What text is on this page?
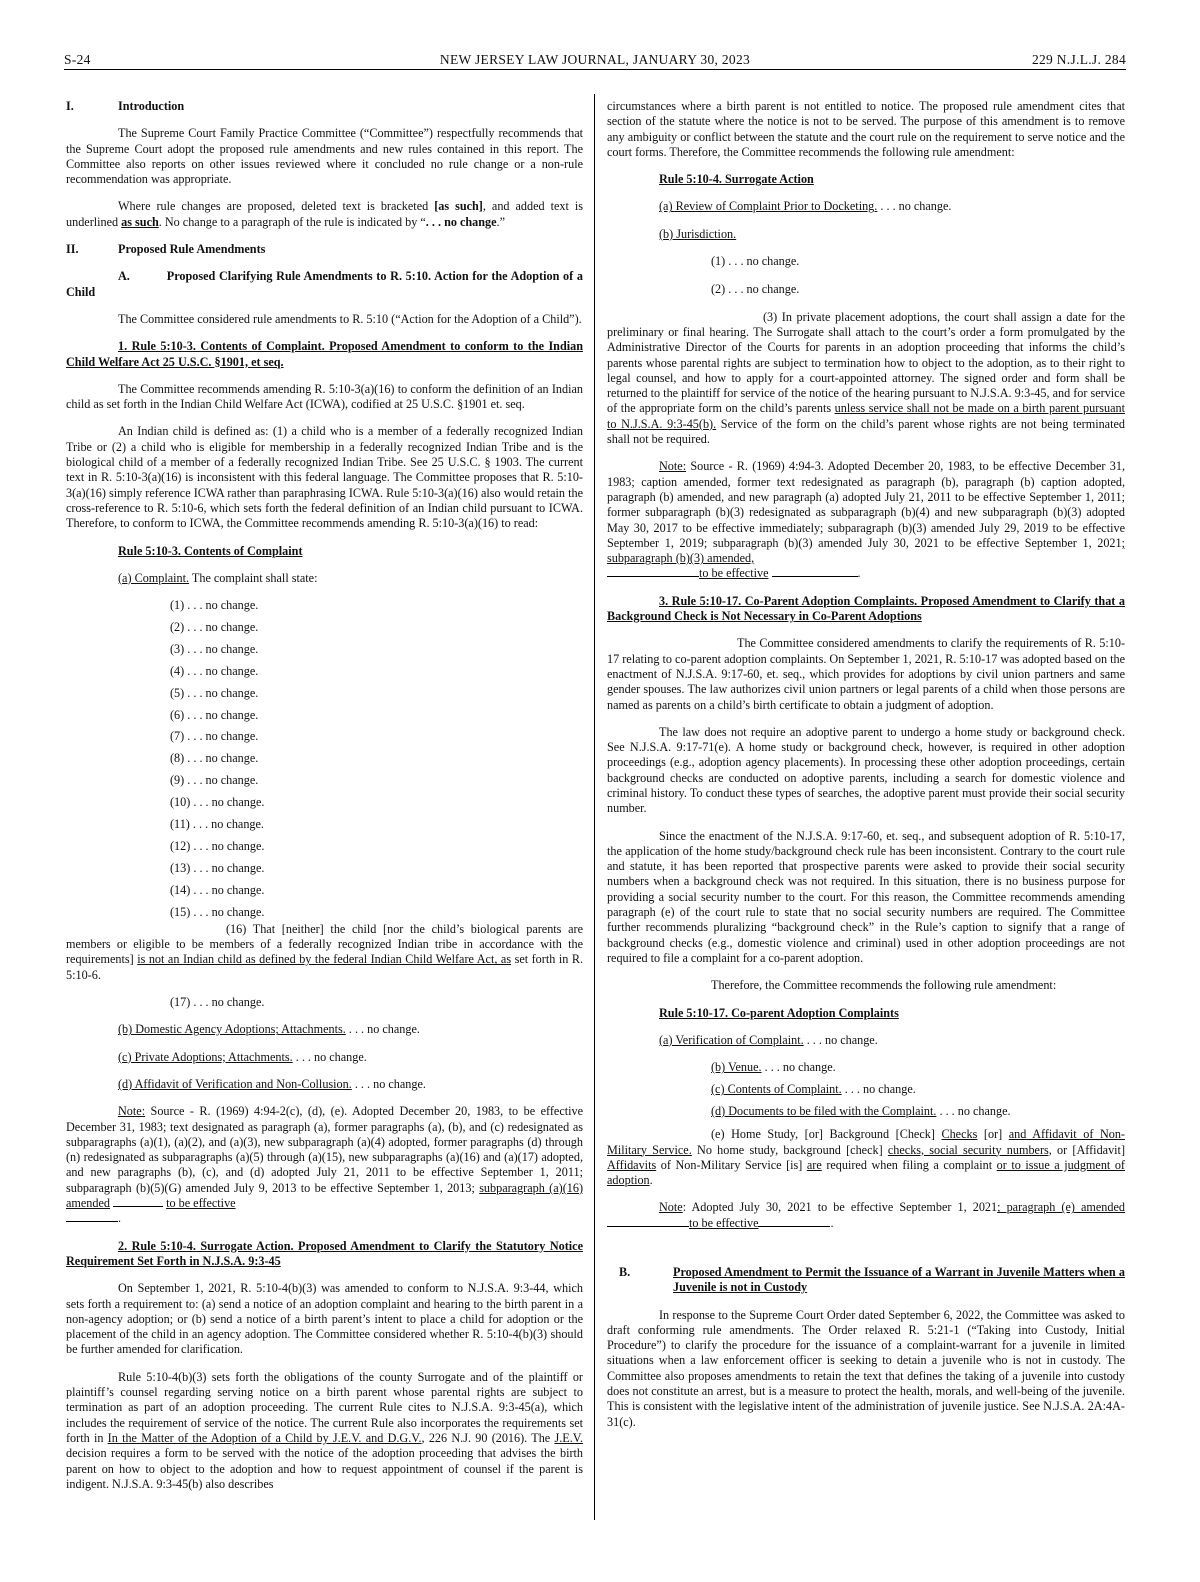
S-24	NEW JERSEY LAW JOURNAL, JANUARY 30, 2023	229 N.J.L.J. 284
I.	Introduction

The Supreme Court Family Practice Committee (“Committee”) respectfully recommends that the Supreme Court adopt the proposed rule amendments and new rules contained in this report. The Committee also reports on other issues reviewed where it concluded no rule change or a non-rule recommendation was appropriate.

Where rule changes are proposed, deleted text is bracketed [as such], and added text is underlined as such. No change to a paragraph of the rule is indicated by “. . . no change.”

II.	Proposed Rule Amendments

A.	Proposed Clarifying Rule Amendments to R. 5:10. Action for the Adoption of a Child

The Committee considered rule amendments to R. 5:10 (“Action for the Adoption of a Child”).

1. Rule 5:10-3. Contents of Complaint. Proposed Amendment to conform to the Indian Child Welfare Act 25 U.S.C. §1901, et seq.

The Committee recommends amending R. 5:10-3(a)(16) to conform the definition of an Indian child as set forth in the Indian Child Welfare Act (ICWA), codified at 25 U.S.C. §1901 et. seq.

An Indian child is defined as: (1) a child who is a member of a federally recognized Indian Tribe or (2) a child who is eligible for membership in a federally recognized Indian Tribe and is the biological child of a member of a federally recognized Indian Tribe. See 25 U.S.C. § 1903. The current text in R. 5:10-3(a)(16) is inconsistent with this federal language. The Committee proposes that R. 5:10-3(a)(16) simply reference ICWA rather than paraphrasing ICWA. Rule 5:10-3(a)(16) also would retain the cross-reference to R. 5:10-6, which sets forth the federal definition of an Indian child pursuant to ICWA. Therefore, to conform to ICWA, the Committee recommends amending R. 5:10-3(a)(16) to read:

Rule 5:10-3. Contents of Complaint
(a) Complaint. The complaint shall state:
(1) . . . no change.
(2) . . . no change.
(3) . . . no change.
(4) . . . no change.
(5) . . . no change.
(6) . . . no change.
(7) . . . no change.
(8) . . . no change.
(9) . . . no change.
(10) . . . no change.
(11) . . . no change.
(12) . . . no change.
(13) . . . no change.
(14) . . . no change.
(15) . . . no change.

(16) That [neither] the child [nor the child’s biological parents are members or eligible to be members of a federally recognized Indian tribe in accordance with the requirements] is not an Indian child as defined by the federal Indian Child Welfare Act, as set forth in R. 5:10-6.

(17) . . . no change.
(b) Domestic Agency Adoptions; Attachments. . . . no change.
(c) Private Adoptions; Attachments. . . . no change.
(d) Affidavit of Verification and Non-Collusion. . . . no change.

Note: Source - R. (1969) 4:94-2(c), (d), (e). Adopted December 20, 1983, to be effective December 31, 1983; text designated as paragraph (a), former paragraphs (a), (b), and (c) redesignated as subparagraphs (a)(1), (a)(2), and (a)(3), new subparagraph (a)(4) adopted, former paragraphs (d) through (n) redesignated as subparagraphs (a)(5) through (a)(15), new subparagraphs (a)(16) and (a)(17) adopted, and new paragraphs (b), (c), and (d) adopted July 21, 2011 to be effective September 1, 2011; subparagraph (b)(5)(G) amended July 9, 2013 to be effective September 1, 2013; subparagraph (a)(16) amended	to be effective
.

2. Rule 5:10-4. Surrogate Action. Proposed Amendment to Clarify the Statutory Notice Requirement Set Forth in N.J.S.A. 9:3-45

On September 1, 2021, R. 5:10-4(b)(3) was amended to conform to N.J.S.A. 9:3-44, which sets forth a requirement to: (a) send a notice of an adoption complaint and hearing to the birth parent in a non-agency adoption; or (b) send a notice of a birth parent’s intent to place a child for adoption or the placement of the child in an agency adoption. The Committee considered whether R. 5:10-4(b)(3) should be further amended for clarification.

Rule 5:10-4(b)(3) sets forth the obligations of the county Surrogate and of the plaintiff or plaintiff’s counsel regarding serving notice on a birth parent whose parental rights are subject to termination as part of an adoption proceeding. The current Rule cites to N.J.S.A. 9:3-45(a), which includes the requirement of service of the notice. The current Rule also incorporates the requirements set forth in In the Matter of the Adoption of a Child by J.E.V. and D.G.V., 226 N.J. 90 (2016). The J.E.V. decision requires a form to be served with the notice of the adoption proceeding that advises the birth parent on how to object to the adoption and how to request appointment of counsel if the parent is indigent. N.J.S.A. 9:3-45(b) also describes

circumstances where a birth parent is not entitled to notice. The proposed rule amendment cites that section of the statute where the notice is not to be served. The purpose of this amendment is to remove any ambiguity or conflict between the statute and the court rule on the requirement to serve notice and the court forms. Therefore, the Committee recommends the following rule amendment:

Rule 5:10-4. Surrogate Action
(a) Review of Complaint Prior to Docketing. . . . no change.
(b) Jurisdiction.
(1) . . . no change.
(2) . . . no change.

(3) In private placement adoptions, the court shall assign a date for the preliminary or final hearing. The Surrogate shall attach to the court’s order a form promulgated by the Administrative Director of the Courts for parents in an adoption proceeding that informs the child’s parents whose parental rights are subject to termination how to object to the adoption, as to their right to legal counsel, and how to apply for a court-appointed attorney. The signed order and form shall be returned to the plaintiff for service of the notice of the hearing pursuant to N.J.S.A. 9:3-45, and for service of the appropriate form on the child’s parents unless service shall not be made on a birth parent pursuant to N.J.S.A. 9:3-45(b). Service of the form on the child’s parent whose rights are not being terminated shall not be required.

Note: Source - R. (1969) 4:94-3. Adopted December 20, 1983, to be effective December 31, 1983; caption amended, former text redesignated as paragraph (b), paragraph (b) caption adopted, paragraph (b) amended, and new paragraph (a) adopted July 21, 2011 to be effective September 1, 2011; former subparagraph (b)(3) redesignated as subparagraph (b)(4) and new subparagraph (b)(3) adopted May 30, 2017 to be effective immediately; subparagraph (b)(3) amended July 29, 2019 to be effective September 1, 2019; subparagraph (b)(3) amended July 30, 2021 to be effective September 1, 2021; subparagraph (b)(3) amended,
to be effective	.

3. Rule 5:10-17. Co-Parent Adoption Complaints. Proposed Amendment to Clarify that a Background Check is Not Necessary in Co-Parent Adoptions

The Committee considered amendments to clarify the requirements of R. 5:10-17 relating to co-parent adoption complaints. On September 1, 2021, R. 5:10-17 was adopted based on the enactment of N.J.S.A. 9:17-60, et. seq., which provides for adoptions by civil union partners and same gender spouses. The law authorizes civil union partners or legal parents of a child when those persons are named as parents on a child’s birth certificate to obtain a judgment of adoption.

The law does not require an adoptive parent to undergo a home study or background check. See N.J.S.A. 9:17-71(e). A home study or background check, however, is required in other adoption proceedings (e.g., adoption agency placements). In processing these other adoption proceedings, certain background checks are conducted on adoptive parents, including a search for domestic violence and criminal history. To conduct these types of searches, the adoptive parent must provide their social security number.

Since the enactment of the N.J.S.A. 9:17-60, et. seq., and subsequent adoption of R. 5:10-17, the application of the home study/background check rule has been inconsistent. Contrary to the court rule and statute, it has been reported that prospective parents were asked to provide their social security numbers when a background check was not required. In this situation, there is no business purpose for providing a social security number to the court. For this reason, the Committee recommends amending paragraph (e) of the court rule to state that no social security numbers are required. The Committee further recommends pluralizing “background check” in the Rule’s caption to signify that a range of background checks (e.g., domestic violence and criminal) used in other adoption proceedings are not required to file a complaint for a co-parent adoption.

Therefore, the Committee recommends the following rule amendment:

Rule 5:10-17. Co-parent Adoption Complaints
(a) Verification of Complaint. . . . no change.
(b) Venue. . . . no change.
(c) Contents of Complaint. . . . no change.
(d) Documents to be filed with the Complaint. . . . no change.

(e) Home Study, [or] Background [Check] Checks [or] and Affidavit of Non-Military Service. No home study, background [check] checks, social security numbers, or [Affidavit] Affidavits of Non-Military Service [is] are required when filing a complaint or to issue a judgment of adoption.

Note: Adopted July 30, 2021 to be effective September 1, 2021; paragraph (e) amended to be effective	.

B.	Proposed Amendment to Permit the Issuance of a Warrant in Juvenile Matters when a Juvenile is not in Custody

In response to the Supreme Court Order dated September 6, 2022, the Committee was asked to draft conforming rule amendments. The Order relaxed R. 5:21-1 (“Taking into Custody, Initial Procedure”) to clarify the procedure for the issuance of a complaint-warrant for a juvenile in limited situations when a law enforcement officer is seeking to detain a juvenile who is not in custody. The Committee also proposes amendments to retain the text that defines the taking of a juvenile into custody does not constitute an arrest, but is a measure to protect the health, morals, and well-being of the juvenile. This is consistent with the legislative intent of the administration of juvenile justice. See N.J.S.A. 2A:4A-31(c).
